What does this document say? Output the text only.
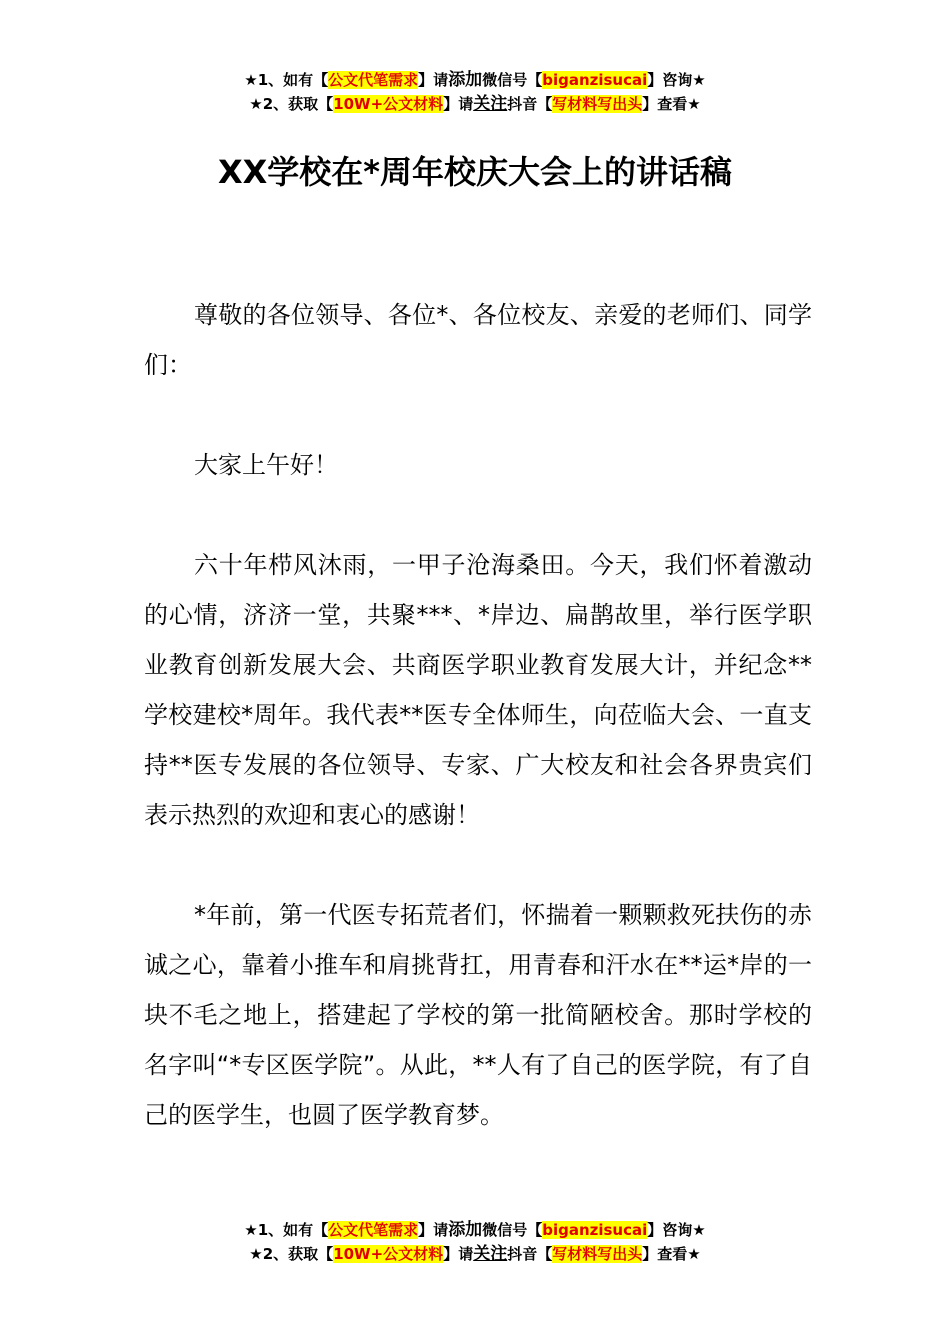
★1、如有【公文代笔需求】请添加微信号【biganzisucai】咨询★
★2、获取【10W+公文材料】请关注抖音【写材料写出头】查看★
XX学校在*周年校庆大会上的讲话稿

尊敬的各位领导、各位*、各位校友、亲爱的老师们、同学们：

大家上午好！

六十年栉风沐雨，一甲子沧海桑田。今天，我们怀着激动的心情，济济一堂，共聚***、*岸边、扁鹊故里，举行医学职业教育创新发展大会、共商医学职业教育发展大计，并纪念**学校建校*周年。我代表**医专全体师生，向莅临大会、一直支持**医专发展的各位领导、专家、广大校友和社会各界贵宾们表示热烈的欢迎和衷心的感谢！

*年前，第一代医专拓荒者们，怀揣着一颗颗救死扶伤的赤诚之心，靠着小推车和肩挑背扛，用青春和汗水在**运*岸的一块不毛之地上，搭建起了学校的第一批简陋校舍。那时学校的名字叫“*专区医学院”。从此，**人有了自己的医学院，有了自己的医学生，也圆了医学教育梦。

★1、如有【公文代笔需求】请添加微信号【biganzisucai】咨询★
★2、获取【10W+公文材料】请关注抖音【写材料写出头】查看★
